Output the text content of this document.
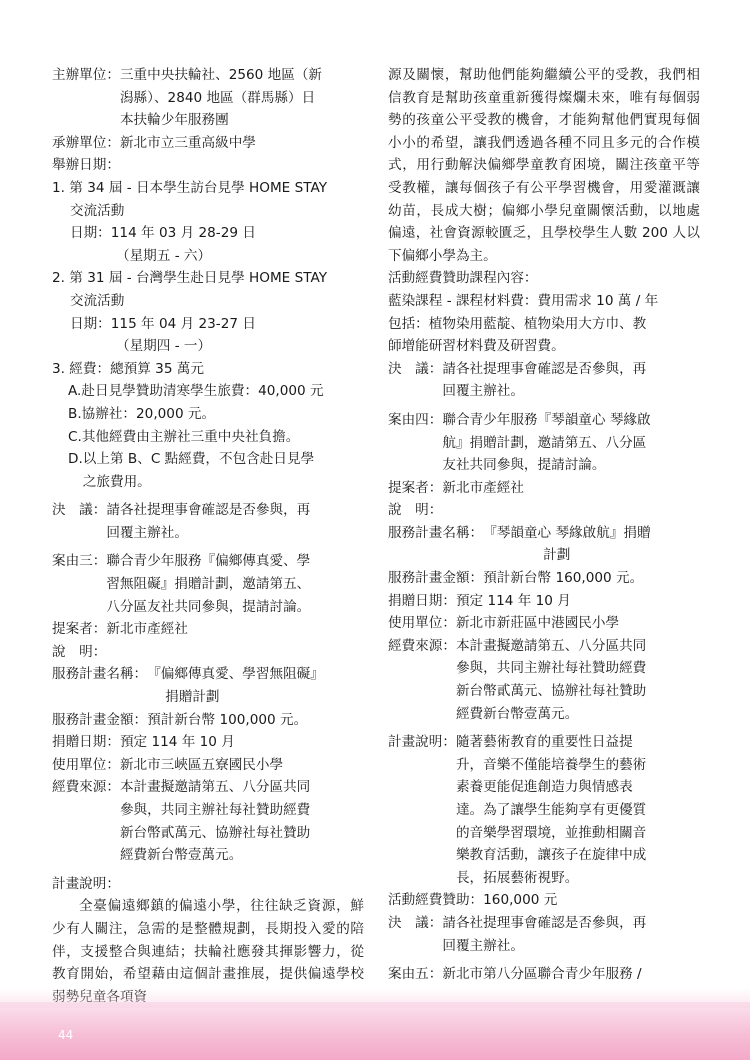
主辦單位： 三重中央扶輪社、2560 地區（新
潟縣）、2840 地區（群馬縣）日
本扶輪少年服務團
承辦單位： 新北市立三重高級中學
舉辦日期：
1. 第 34 屆 - 日本學生訪台見學 HOME STAY
交流活動
日期： 114 年 03 月 28-29 日
（星期五 - 六）
2. 第 31 屆 - 台灣學生赴日見學 HOME STAY
交流活動
日期： 115 年 04 月 23-27 日
（星期四 - 一）
3. 經費： 總預算 35 萬元
A. 赴日見學贊助清寒學生旅費：40,000 元
B. 協辦社：20,000 元。
C. 其他經費由主辦社三重中央社負擔。
D. 以上第 B、C 點經費，不包含赴日見學
之旅費用。
決　議： 請各社提理事會確認是否參與，再
回覆主辦社。
案由三： 聯合青少年服務『偏鄉傳真愛、學
習無阻礙』捐贈計劃，邀請第五、
八分區友社共同參與，提請討論。
提案者： 新北市產經社
說　明：
服務計畫名稱： 『偏鄉傳真愛、學習無阻礙』
捐贈計劃
服務計畫金額： 預計新台幣 100,000 元。
捐贈日期： 預定 114 年 10 月
使用單位： 新北市三峽區五寮國民小學
經費來源： 本計畫擬邀請第五、八分區共同
參與，共同主辦社每社贊助經費
新台幣貳萬元、協辦社每社贊助
經費新台幣壹萬元。
計畫說明：

全臺偏遠鄉鎮的偏遠小學，往往缺乏資源，鮮少有人關注，急需的是整體規劃，長期投入愛的陪伴，支援整合與連結；扶輪社應發其揮影響力，從教育開始，希望藉由這個計畫推展，提供偏遠學校

源及關懷，幫助他們能夠繼續公平的受教，我們相信教育是幫助孩童重新獲得燦爛未來，唯有每個弱勢的孩童公平受教的機會，才能夠幫他們實現每個小小的希望，讓我們透過各種不同且多元的合作模式，用行動解決偏鄉學童教育困境，關注孩童平等受教權，讓每個孩子有公平學習機會，用愛灌溉讓幼苗，長成大樹；偏鄉小學兒童關懷活動，以地處偏遠，社會資源較匱乏，且學校學生人數 200 人以下偏鄉小學為主。

活動經費贊助課程內容：
藍染課程 - 課程材料費：費用需求 10 萬 / 年
包括：植物染用藍靛、植物染用大方巾、教
師增能研習材料費及研習費。
決　議： 請各社提理事會確認是否參與，再
回覆主辦社。
案由四： 聯合青少年服務『琴韻童心 琴緣啟
航』捐贈計劃，邀請第五、八分區
友社共同參與，提請討論。
提案者： 新北市產經社
說　明：
服務計畫名稱： 『琴韻童心 琴緣啟航』捐贈
計劃
服務計畫金額： 預計新台幣 160,000 元。
捐贈日期： 預定 114 年 10 月
使用單位： 新北市新莊區中港國民小學
經費來源： 本計畫擬邀請第五、八分區共同
參與，共同主辦社每社贊助經費
新台幣貳萬元、協辦社每社贊助
經費新台幣壹萬元。
計畫說明： 隨著藝術教育的重要性日益提
升，音樂不僅能培養學生的藝術
素養更能促進創造力與情感表
達。為了讓學生能夠享有更優質
的音樂學習環境，並推動相關音
樂教育活動，讓孩子在旋律中成
長，拓展藝術視野。
活動經費贊助： 160,000 元
決　議： 請各社提理事會確認是否參與，再
回覆主辦社。
案由五： 新北市第八分區聯合青少年服務 /
44
